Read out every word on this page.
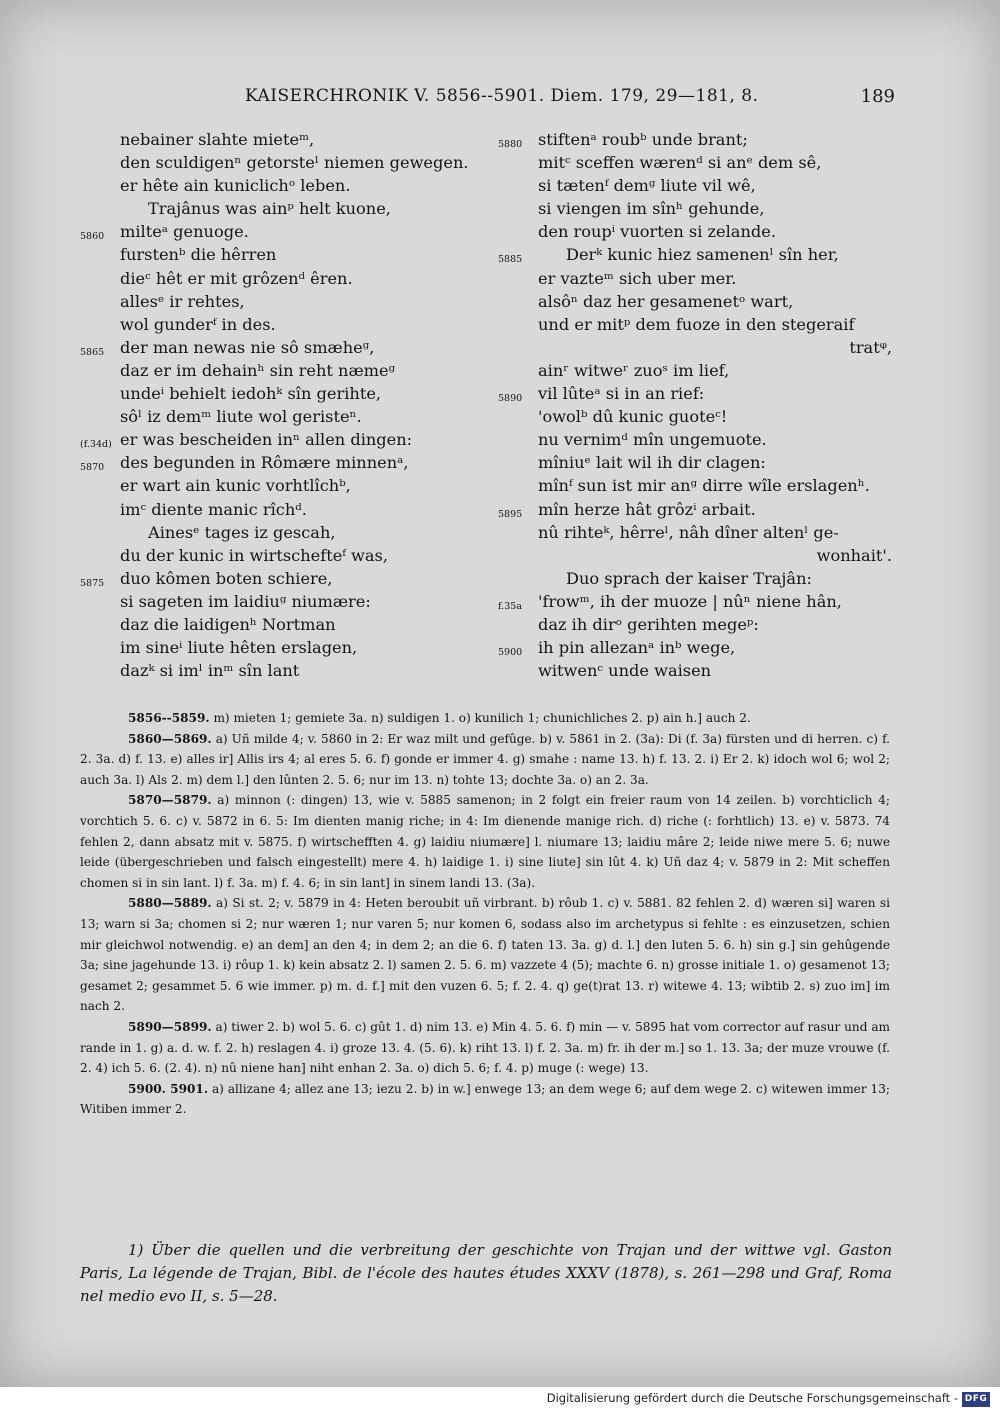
KAISERCHRONIK V. 5856--5901. Diem. 179, 29—181, 8.	189
nebainer slahte mieteᵐ,
den sculdigenⁿ getorsteˡ niemen gewegen.
er hête ain kuniclichᵒ leben.
Trajânus was ainᵖ helt kuone,
5860 milteᵃ genuoge.
furstenᵇ die hêrren
dieᶜ hêt er mit grôzenᵈ êren.
allesᵉ ir rehtes,
wol gunderᶠ in des.
5865 der man newas nie sô smæheᵍ,
daz er im dehainʰ sin reht næmeᵍ
undeⁱ behielt iedohᵏ sîn gerihte,
sôˡ iz demᵐ liute wol geristeⁿ.
(f.34d) er was bescheiden inⁿ allen dingen:
5870 des begunden in Rômære minnenᵃ,
er wart ain kunic vorhtlîchᵇ,
imᶜ diente manic rîchᵈ.
Ainesᵉ tages iz gescah,
du der kunic in wirtschefteᶠ was,
5875 duo kômen boten schiere,
si sageten im laidiuᵍ niumære:
daz die laidigenʰ Nortman
im sineⁱ liute hêten erslagen,
dazᵏ si imˡ inᵐ sîn lant
5880 stiftenᵃ roubᵇ unde brant;
mitᶜ sceffen wærenᵈ si anᵉ dem sê,
si tætenᶠ demᵍ liute vil wê,
si viengen im sînʰ gehunde,
den roupⁱ vuorten si zelande.
5885	Derᵏ kunic hiez samenenˡ sîn her,
er vazteᵐ sich uber mer.
alsôⁿ daz her gesamenetᵒ wart,
und er mitᵖ dem fuoze in den stegeraif
tratᵠ,
ainʳ witweʳ zuoˢ im lief,
5890 vil lûteᵃ si in an rief:
'owolᵇ dû kunic guoteᶜ!
nu vernimᵈ mîn ungemuote.
mîniuᵉ lait wil ih dir clagen:
mînᶠ sun ist mir anᵍ dirre wîle erslagenʰ.
5895 mîn herze hât grôzⁱ arbait.
nû rihteᵏ, hêrreˡ, nâh dîner altenˡ ge-
wonhait'.
Duo sprach der kaiser Trajân:
f.35a 'frowᵐ, ih der muoze | nûⁿ niene hân,
daz ih dirᵒ gerihten megeᵖ:
5900 ih pin allezanᵃ inᵇ wege,
witwenᶜ unde waisen

5856--5859. m) mieten 1; gemiete 3a. n) suldigen 1. o) kunilich 1; chunichliches 2. p) ain h.] auch 2.

5860—5869. a) Uñ milde 4; v. 5860 in 2: Er waz milt und gefûge. b) v. 5861 in 2. (3a): Di (f. 3a) fürsten und di herren. c) f. 2. 3a. d) f. 13. e) alles ir] Allis irs 4; al eres 5. 6. f) gonde er immer 4. g) smahe : name 13. h) f. 13. 2. i) Er 2. k) idoch wol 6; wol 2; auch 3a. l) Als 2. m) dem l.] den lûnten 2. 5. 6; nur im 13. n) tohte 13; dochte 3a. o) an 2. 3a.

5870—5879. a) minnon (: dingen) 13, wie v. 5885 samenon; in 2 folgt ein freier raum von 14 zeilen. b) vorchticlich 4; vorchtich 5. 6. c) v. 5872 in 6. 5: Im dienten manig riche; in 4: Im dienende manige rich. d) riche (: forhtlich) 13. e) v. 5873. 74 fehlen 2, dann absatz mit v. 5875. f) wirtschefften 4. g) laidiu niumære] l. niumare 13; laidiu mâre 2; leide niwe mere 5. 6; nuwe leide (übergeschrieben und falsch eingestellt) mere 4. h) laidige 1. i) sine liute] sin lût 4. k) Uñ daz 4; v. 5879 in 2: Mit scheffen chomen si in sin lant. l) f. 3a. m) f. 4. 6; in sin lant] in sinem landi 13. (3a).

5880—5889. a) Si st. 2; v. 5879 in 4: Heten beroubit uñ virbrant. b) rôub 1. c) v. 5881. 82 fehlen 2. d) wæren si] waren si 13; warn si 3a; chomen si 2; nur wæren 1; nur varen 5; nur komen 6, sodass also im archetypus si fehlte : es einzusetzen, schien mir gleichwol notwendig. e) an dem] an den 4; in dem 2; an die 6. f) taten 13. 3a. g) d. l.] den luten 5. 6. h) sin g.] sin gehûgende 3a; sine jagehunde 13. i) rôup 1. k) kein absatz 2. l) samen 2. 5. 6. m) vazzete 4 (5); machte 6. n) grosse initiale 1. o) gesamenot 13; gesamet 2; gesammet 5. 6 wie immer. p) m. d. f.] mit den vuzen 6. 5; f. 2. 4. q) ge(t)rat 13. r) witewe 4. 13; wibtib 2. s) zuo im] im nach 2.

5890—5899. a) tiwer 2. b) wol 5. 6. c) gût 1. d) nim 13. e) Min 4. 5. 6. f) min — v. 5895 hat vom corrector auf rasur und am rande in 1. g) a. d. w. f. 2. h) reslagen 4. i) groze 13. 4. (5. 6). k) riht 13. l) f. 2. 3a. m) fr. ih der m.] so 1. 13. 3a; der muze vrouwe (f. 2. 4) ich 5. 6. (2. 4). n) nû niene han] niht enhan 2. 3a. o) dich 5. 6; f. 4. p) muge (: wege) 13.

5900. 5901. a) allizane 4; allez ane 13; iezu 2. b) in w.] enwege 13; an dem wege 6; auf dem wege 2. c) witewen immer 13; Witiben immer 2.

1) Über die quellen und die verbreitung der geschichte von Trajan und der wittwe vgl. Gaston Paris, La légende de Trajan, Bibl. de l'école des hautes études XXXV (1878), s. 261—298 und Graf, Roma nel medio evo II, s. 5—28.
Digitalisierung gefördert durch die Deutsche Forschungsgemeinschaft - DFG
